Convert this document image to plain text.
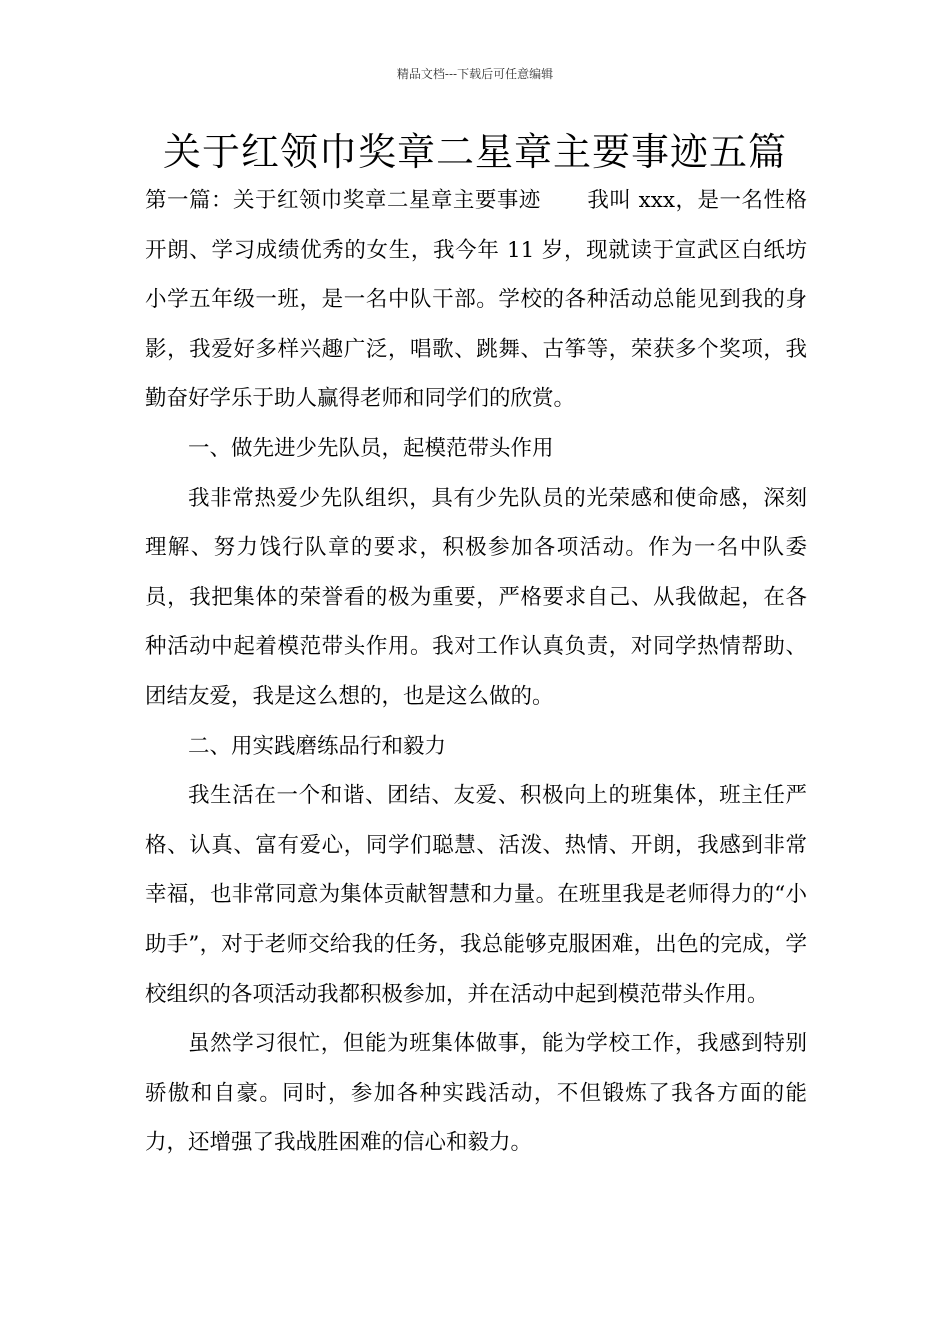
精品文档---下载后可任意编辑
关于红领巾奖章二星章主要事迹五篇

第一篇：关于红领巾奖章二星章主要事迹 我叫 xxx，是一名性格开朗、学习成绩优秀的女生，我今年 11 岁，现就读于宣武区白纸坊小学五年级一班，是一名中队干部。学校的各种活动总能见到我的身影，我爱好多样兴趣广泛，唱歌、跳舞、古筝等，荣获多个奖项，我勤奋好学乐于助人赢得老师和同学们的欣赏。

一、做先进少先队员，起模范带头作用

我非常热爱少先队组织，具有少先队员的光荣感和使命感，深刻理解、努力饯行队章的要求，积极参加各项活动。作为一名中队委员，我把集体的荣誉看的极为重要，严格要求自己、从我做起，在各种活动中起着模范带头作用。我对工作认真负责，对同学热情帮助、团结友爱，我是这么想的，也是这么做的。

二、用实践磨练品行和毅力

我生活在一个和谐、团结、友爱、积极向上的班集体，班主任严格、认真、富有爱心，同学们聪慧、活泼、热情、开朗，我感到非常幸福，也非常同意为集体贡献智慧和力量。在班里我是老师得力的“小助手”，对于老师交给我的任务，我总能够克服困难，出色的完成，学校组织的各项活动我都积极参加，并在活动中起到模范带头作用。

虽然学习很忙，但能为班集体做事，能为学校工作，我感到特别骄傲和自豪。同时，参加各种实践活动，不但锻炼了我各方面的能力，还增强了我战胜困难的信心和毅力。
